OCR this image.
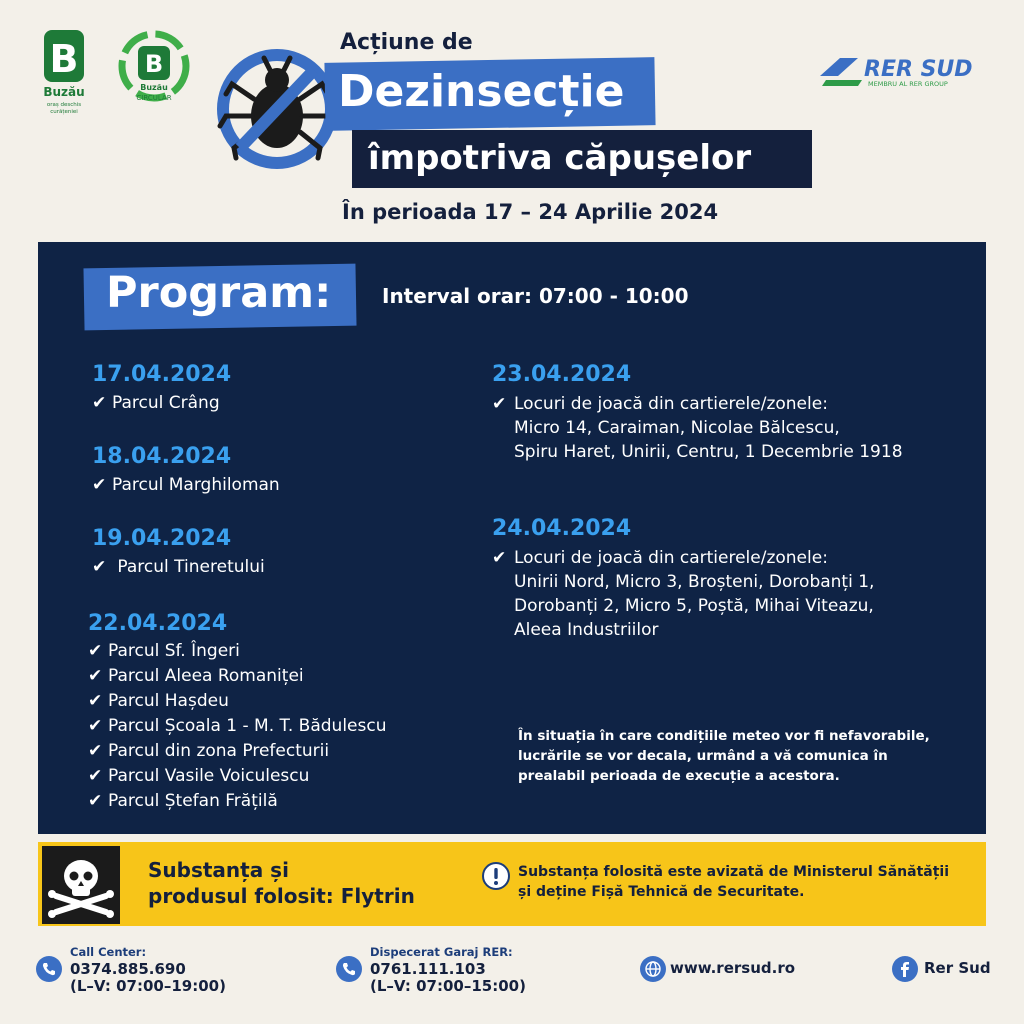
B
Buzău
oraș deschis
curățeniei
B
Buzău
CIRCULAR
RER SUD
MEMBRU AL RER GROUP
Acțiune de
Dezinsecție
împotriva căpușelor
În perioada 17 – 24 Aprilie 2024
Program:	Interval orar: 07:00 - 10:00
17.04.2024
✔ Parcul Crâng
18.04.2024
✔ Parcul Marghiloman
19.04.2024
✔ Parcul Tineretului
22.04.2024
✔ Parcul Sf. Îngeri
✔ Parcul Aleea Romaniței
✔ Parcul Hașdeu
✔ Parcul Școala 1 - M. T. Bădulescu
✔ Parcul din zona Prefecturii
✔ Parcul Vasile Voiculescu
✔ Parcul Ștefan Frățilă
23.04.2024
✔ Locuri de joacă din cartierele/zonele:
Micro 14, Caraiman, Nicolae Bălcescu,
Spiru Haret, Unirii, Centru, 1 Decembrie 1918
24.04.2024
✔ Locuri de joacă din cartierele/zonele:
Unirii Nord, Micro 3, Broșteni, Dorobanți 1,
Dorobanți 2, Micro 5, Poștă, Mihai Viteazu,
Aleea Industriilor
În situația în care condițiile meteo vor fi nefavorabile, lucrările se vor decala, urmând a vă comunica în prealabil perioada de execuție a acestora.
Substanța și
produsul folosit: Flytrin
Substanța folosită este avizată de Ministerul Sănătății
și deține Fișă Tehnică de Securitate.
Call Center:
0374.885.690
(L–V: 07:00–19:00)
Dispecerat Garaj RER:
0761.111.103
(L–V: 07:00–15:00)
www.rersud.ro	Rer Sud
